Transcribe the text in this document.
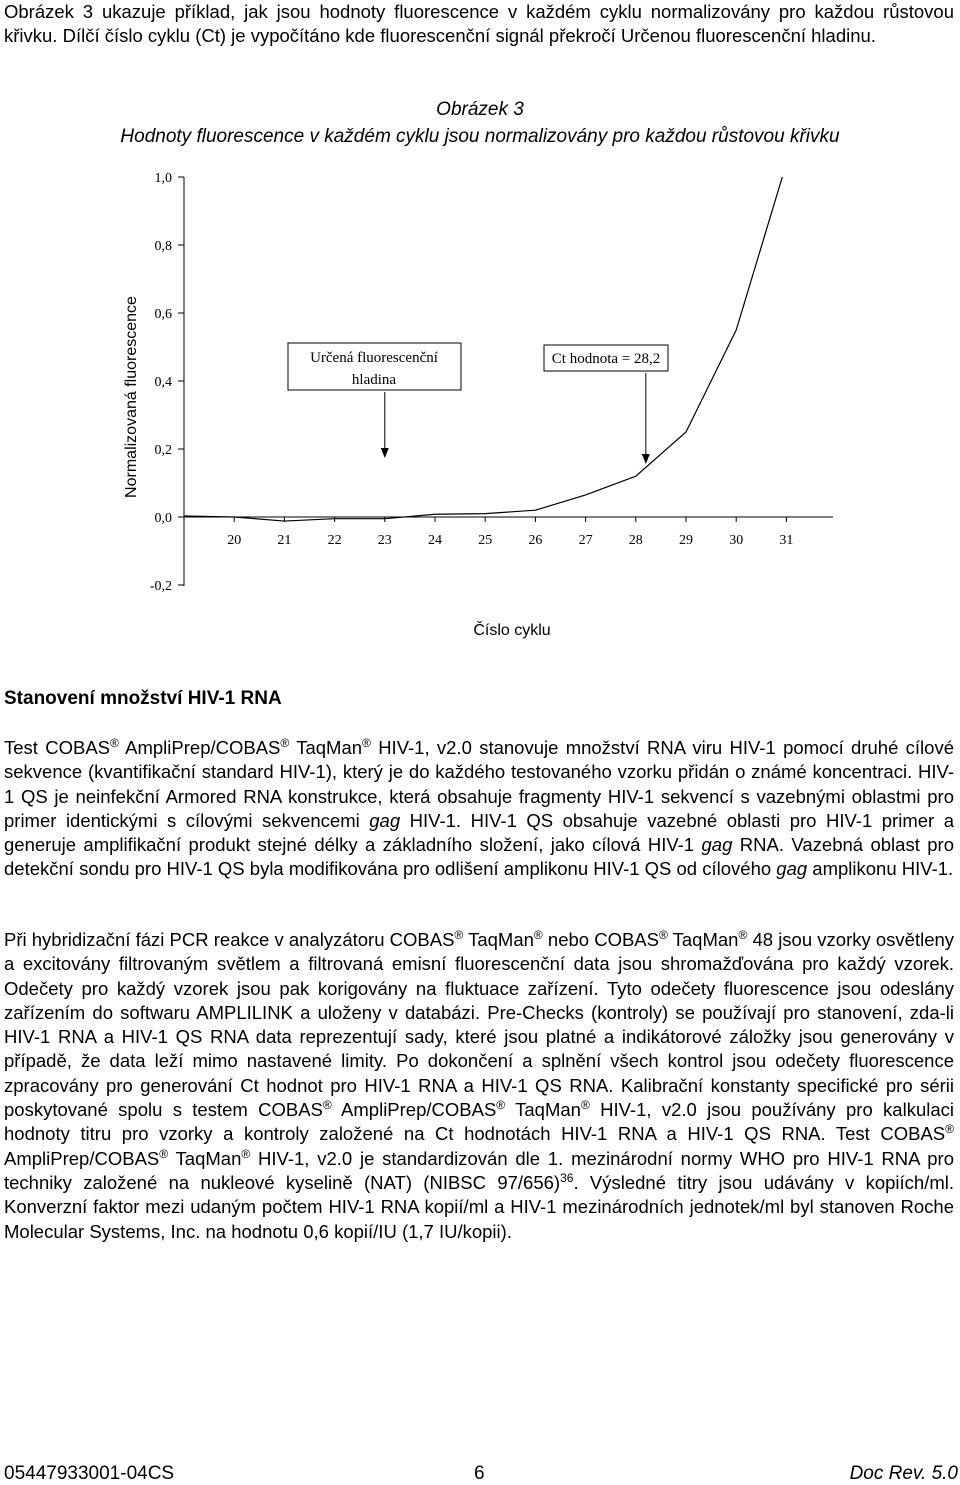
Obrázek 3 ukazuje příklad, jak jsou hodnoty fluorescence v každém cyklu normalizovány pro každou růstovou křivku. Dílčí číslo cyklu (Ct) je vypočítáno kde fluorescenční signál překročí Určenou fluorescenční hladinu.
Obrázek 3
Hodnoty fluorescence v každém cyklu jsou normalizovány pro každou růstovou křivku
1,0
0,8
0,6
0,4
0,2
0,0
-0,2
20	21	22	23	24	25	26	27	28	29	30	31
Normalizovaná fluorescence
Číslo cyklu
Určená fluorescenční
hladina
Ct hodnota = 28,2
Stanovení množství HIV-1 RNA
Test COBAS® AmpliPrep/COBAS® TaqMan® HIV-1, v2.0 stanovuje množství RNA viru HIV-1 pomocí druhé cílové sekvence (kvantifikační standard HIV-1), který je do každého testovaného vzorku přidán o známé koncentraci. HIV-1 QS je neinfekční Armored RNA konstrukce, která obsahuje fragmenty HIV-1 sekvencí s vazebnými oblastmi pro primer identickými s cílovými sekvencemi gag HIV-1. HIV-1 QS obsahuje vazebné oblasti pro HIV-1 primer a generuje amplifikační produkt stejné délky a základního složení, jako cílová HIV-1 gag RNA. Vazebná oblast pro detekční sondu pro HIV-1 QS byla modifikována pro odlišení amplikonu HIV-1 QS od cílového gag amplikonu HIV-1.
Při hybridizační fázi PCR reakce v analyzátoru COBAS® TaqMan® nebo COBAS® TaqMan® 48 jsou vzorky osvětleny a excitovány filtrovaným světlem a filtrovaná emisní fluorescenční data jsou shromažďována pro každý vzorek. Odečety pro každý vzorek jsou pak korigovány na fluktuace zařízení. Tyto odečety fluorescence jsou odeslány zařízením do softwaru AMPLILINK a uloženy v databázi. Pre-Checks (kontroly) se používají pro stanovení, zda-li HIV-1 RNA a HIV-1 QS RNA data reprezentují sady, které jsou platné a indikátorové záložky jsou generovány v případě, že data leží mimo nastavené limity. Po dokončení a splnění všech kontrol jsou odečety fluorescence zpracovány pro generování Ct hodnot pro HIV-1 RNA a HIV-1 QS RNA. Kalibrační konstanty specifické pro sérii poskytované spolu s testem COBAS® AmpliPrep/COBAS® TaqMan® HIV-1, v2.0 jsou používány pro kalkulaci hodnoty titru pro vzorky a kontroly založené na Ct hodnotách HIV-1 RNA a HIV-1 QS RNA. Test COBAS® AmpliPrep/COBAS® TaqMan® HIV-1, v2.0 je standardizován dle 1. mezinárodní normy WHO pro HIV-1 RNA pro techniky založené na nukleové kyselině (NAT) (NIBSC 97/656)$^{36}$. Výsledné titry jsou udávány v kopiích/ml. Konverzní faktor mezi udaným počtem HIV-1 RNA kopií/ml a HIV-1 mezinárodních jednotek/ml byl stanoven Roche Molecular Systems, Inc. na hodnotu 0,6 kopií/IU (1,7 IU/kopii).
05447933001-04CS	6	Doc Rev. 5.0
